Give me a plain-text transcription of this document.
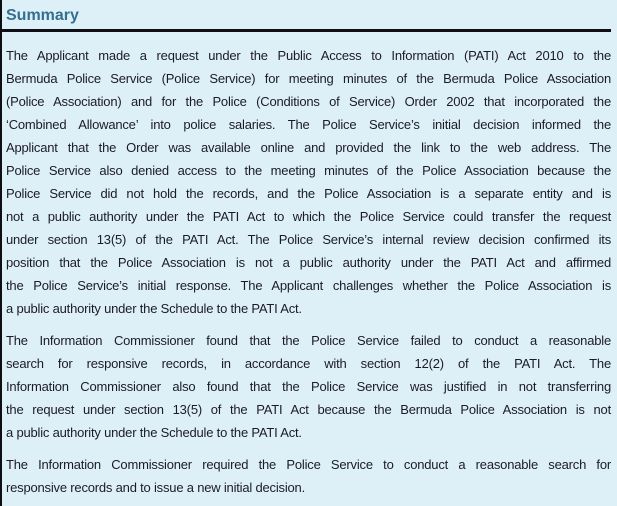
Summary
The Applicant made a request under the Public Access to Information (PATI) Act 2010 to the
Bermuda Police Service (Police Service) for meeting minutes of the Bermuda Police Association
(Police Association) and for the Police (Conditions of Service) Order 2002 that incorporated the
‘Combined Allowance’ into police salaries. The Police Service’s initial decision informed the
Applicant that the Order was available online and provided the link to the web address. The
Police Service also denied access to the meeting minutes of the Police Association because the
Police Service did not hold the records, and the Police Association is a separate entity and is
not a public authority under the PATI Act to which the Police Service could transfer the request
under section 13(5) of the PATI Act. The Police Service’s internal review decision confirmed its
position that the Police Association is not a public authority under the PATI Act and affirmed
the Police Service’s initial response. The Applicant challenges whether the Police Association is
a public authority under the Schedule to the PATI Act.
The Information Commissioner found that the Police Service failed to conduct a reasonable
search for responsive records, in accordance with section 12(2) of the PATI Act. The
Information Commissioner also found that the Police Service was justified in not transferring
the request under section 13(5) of the PATI Act because the Bermuda Police Association is not
a public authority under the Schedule to the PATI Act.
The Information Commissioner required the Police Service to conduct a reasonable search for
responsive records and to issue a new initial decision.
